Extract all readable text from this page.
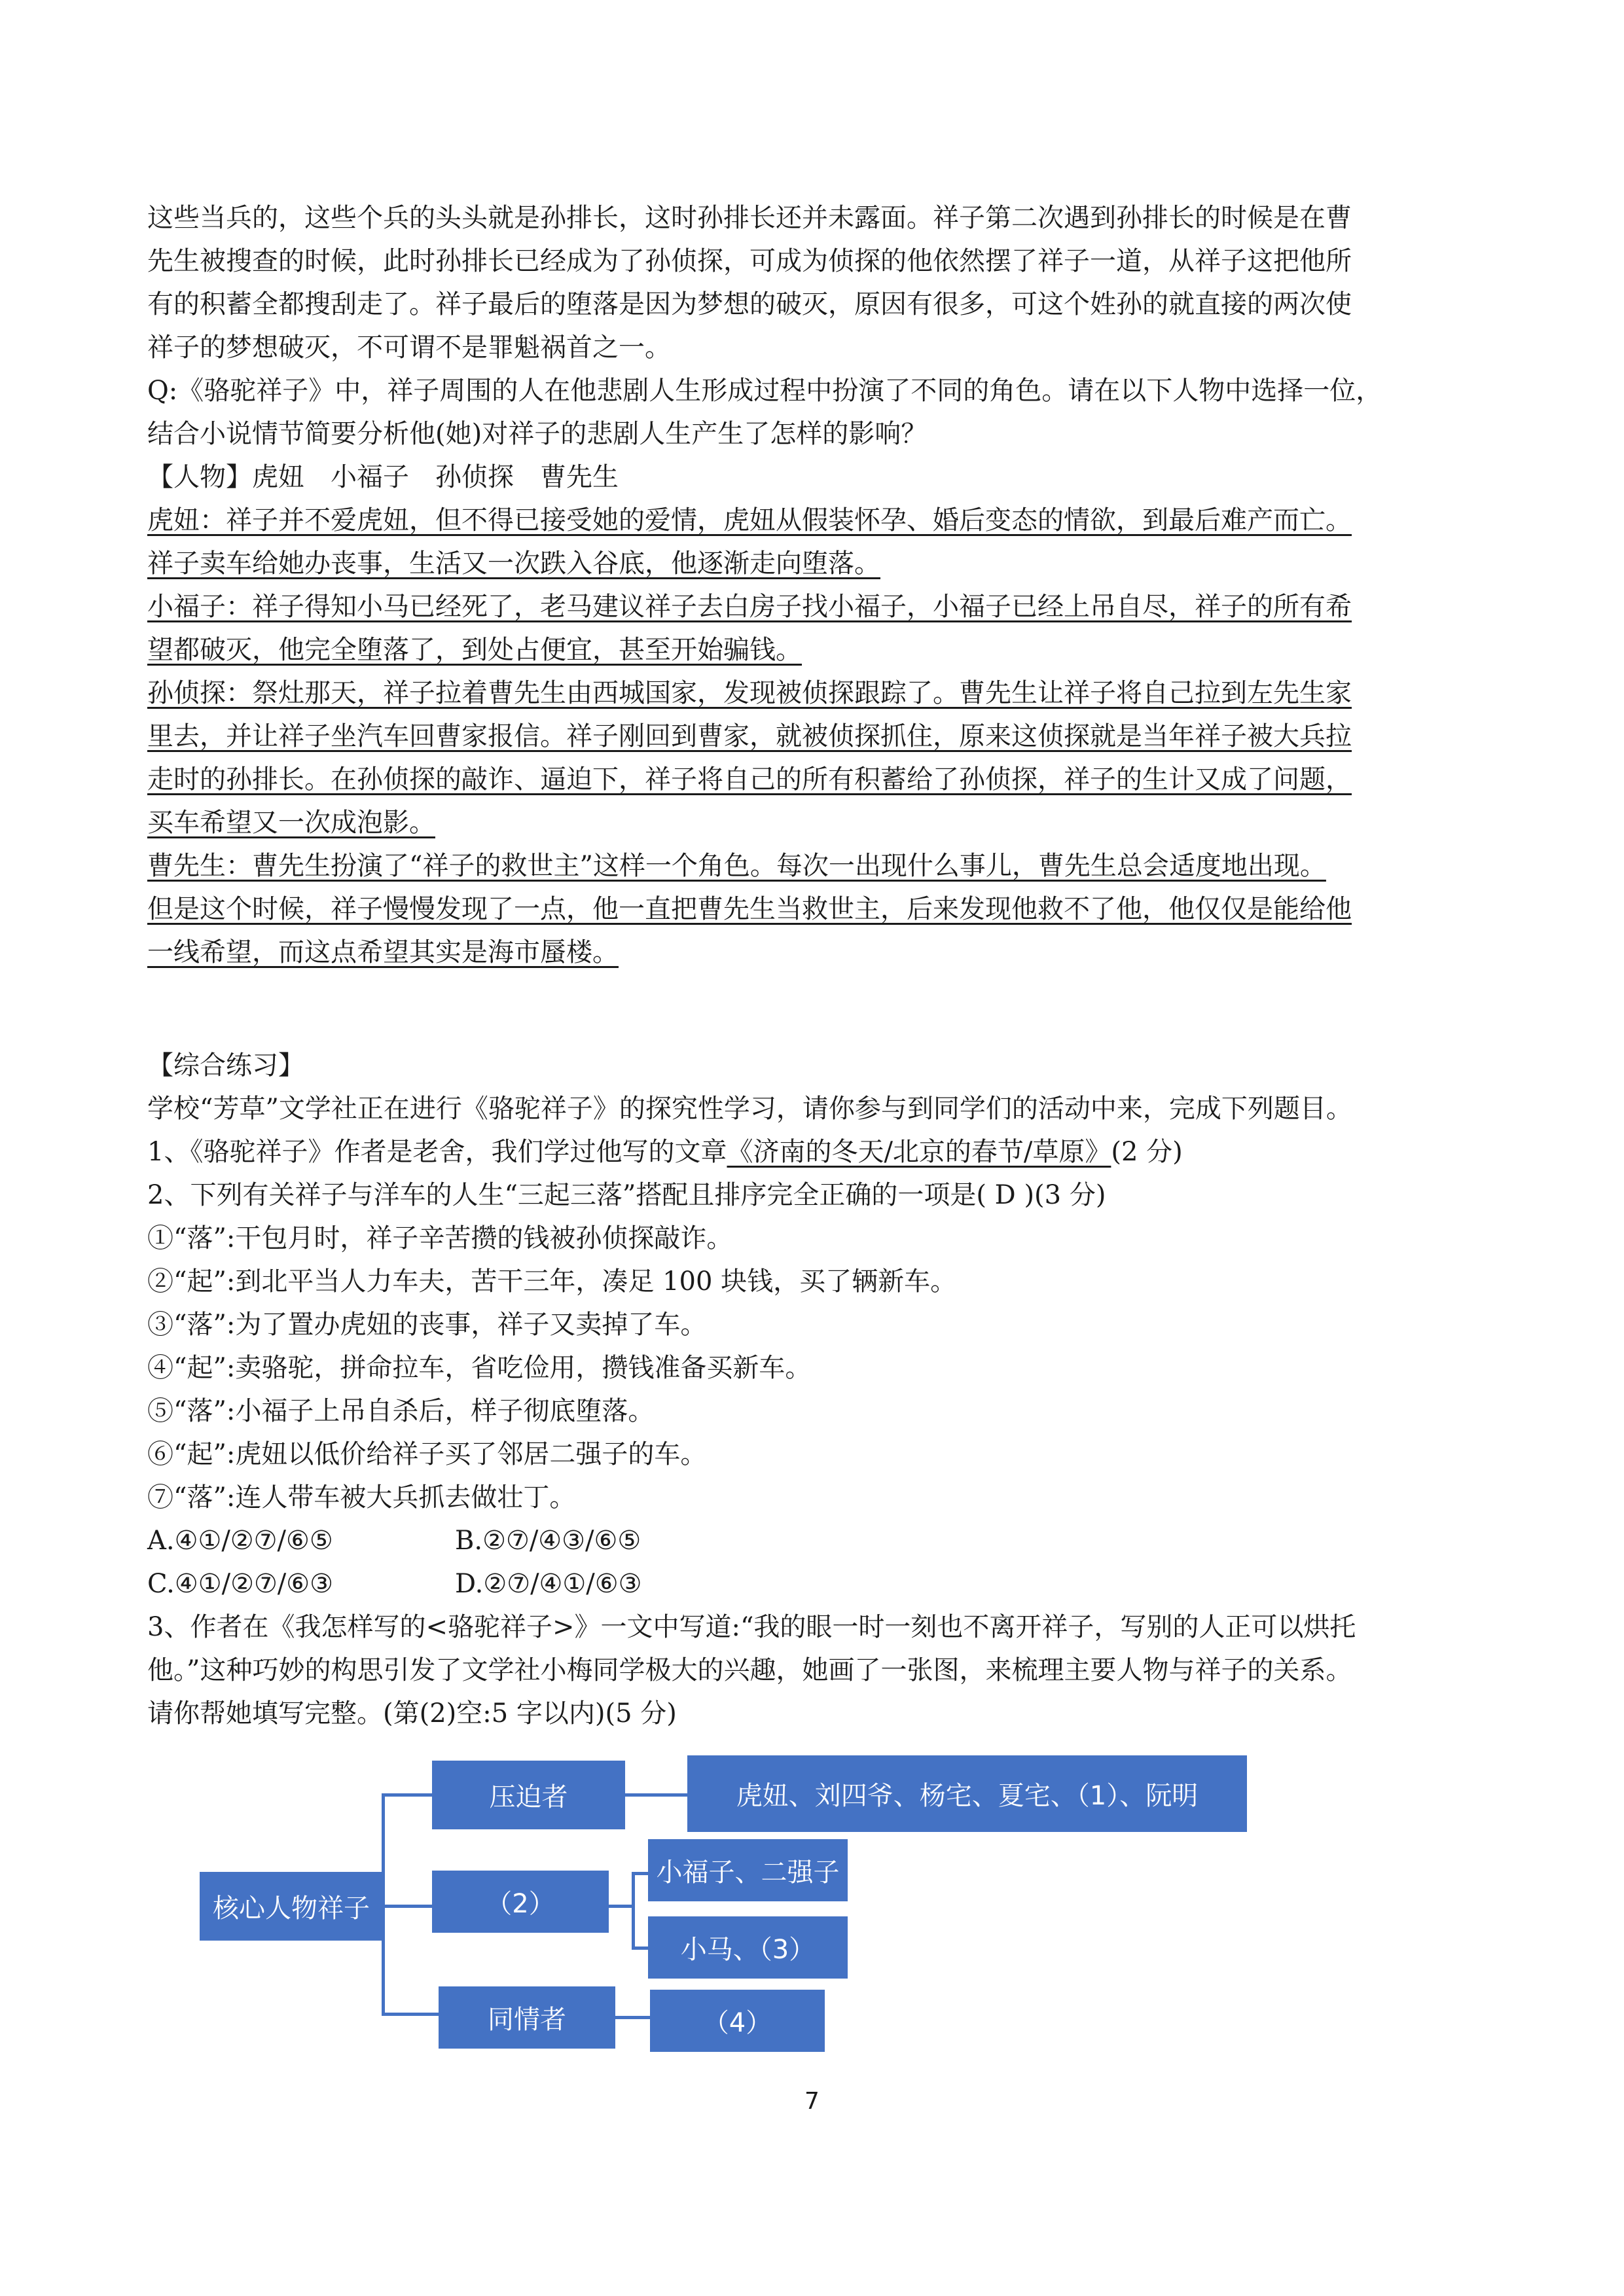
这些当兵的，这些个兵的头头就是孙排长，这时孙排长还并未露面。祥子第二次遇到孙排长的时候是在曹

先生被搜查的时候，此时孙排长已经成为了孙侦探，可成为侦探的他依然摆了祥子一道，从祥子这把他所

有的积蓄全都搜刮走了。祥子最后的堕落是因为梦想的破灭，原因有很多，可这个姓孙的就直接的两次使

祥子的梦想破灭，不可谓不是罪魁祸首之一。

Q:《骆驼祥子》中，祥子周围的人在他悲剧人生形成过程中扮演了不同的角色。请在以下人物中选择一位，

结合小说情节简要分析他(她)对祥子的悲剧人生产生了怎样的影响？

【人物】虎妞　小福子　孙侦探　曹先生

虎妞：祥子并不爱虎妞，但不得已接受她的爱情，虎妞从假装怀孕、婚后变态的情欲，到最后难产而亡。

祥子卖车给她办丧事，生活又一次跌入谷底，他逐渐走向堕落。

小福子：祥子得知小马已经死了，老马建议祥子去白房子找小福子，小福子已经上吊自尽，祥子的所有希

望都破灭，他完全堕落了，到处占便宜，甚至开始骗钱。

孙侦探：祭灶那天，祥子拉着曹先生由西城国家，发现被侦探跟踪了。曹先生让祥子将自己拉到左先生家

里去，并让祥子坐汽车回曹家报信。祥子刚回到曹家，就被侦探抓住，原来这侦探就是当年祥子被大兵拉

走时的孙排长。在孙侦探的敲诈、逼迫下，祥子将自己的所有积蓄给了孙侦探，祥子的生计又成了问题，

买车希望又一次成泡影。

曹先生：曹先生扮演了“祥子的救世主”这样一个角色。每次一出现什么事儿，曹先生总会适度地出现。

但是这个时候，祥子慢慢发现了一点，他一直把曹先生当救世主，后来发现他救不了他，他仅仅是能给他

一线希望，而这点希望其实是海市蜃楼。

【综合练习】

学校“芳草”文学社正在进行《骆驼祥子》的探究性学习，请你参与到同学们的活动中来，完成下列题目。

1、《骆驼祥子》作者是老舍，我们学过他写的文章《济南的冬天/北京的春节/草原》(2 分)

2、下列有关祥子与洋车的人生“三起三落”搭配且排序完全正确的一项是( D )(3 分)

①“落”:干包月时，祥子辛苦攒的钱被孙侦探敲诈。

②“起”:到北平当人力车夫，苦干三年，凑足 100 块钱，买了辆新车。

③“落”:为了置办虎妞的丧事，祥子又卖掉了车。

④“起”:卖骆驼，拼命拉车，省吃俭用，攒钱准备买新车。

⑤“落”:小福子上吊自杀后，样子彻底堕落。

⑥“起”:虎妞以低价给祥子买了邻居二强子的车。

⑦“落”:连人带车被大兵抓去做壮丁。

A.④①/②⑦/⑥⑤	B.②⑦/④③/⑥⑤

C.④①/②⑦/⑥③	D.②⑦/④①/⑥③

3、作者在《我怎样写的<骆驼祥子>》一文中写道:“我的眼一时一刻也不离开祥子，写别的人正可以烘托

他。”这种巧妙的构思引发了文学社小梅同学极大的兴趣，她画了一张图，来梳理主要人物与祥子的关系。

请你帮她填写完整。(第(2)空:5 字以内)(5 分)

核心人物祥子
压迫者	虎妞、刘四爷、杨宅、夏宅、（1）、阮明
（2）
小福子、二强子
小马、（3）
同情者	（4）
7
